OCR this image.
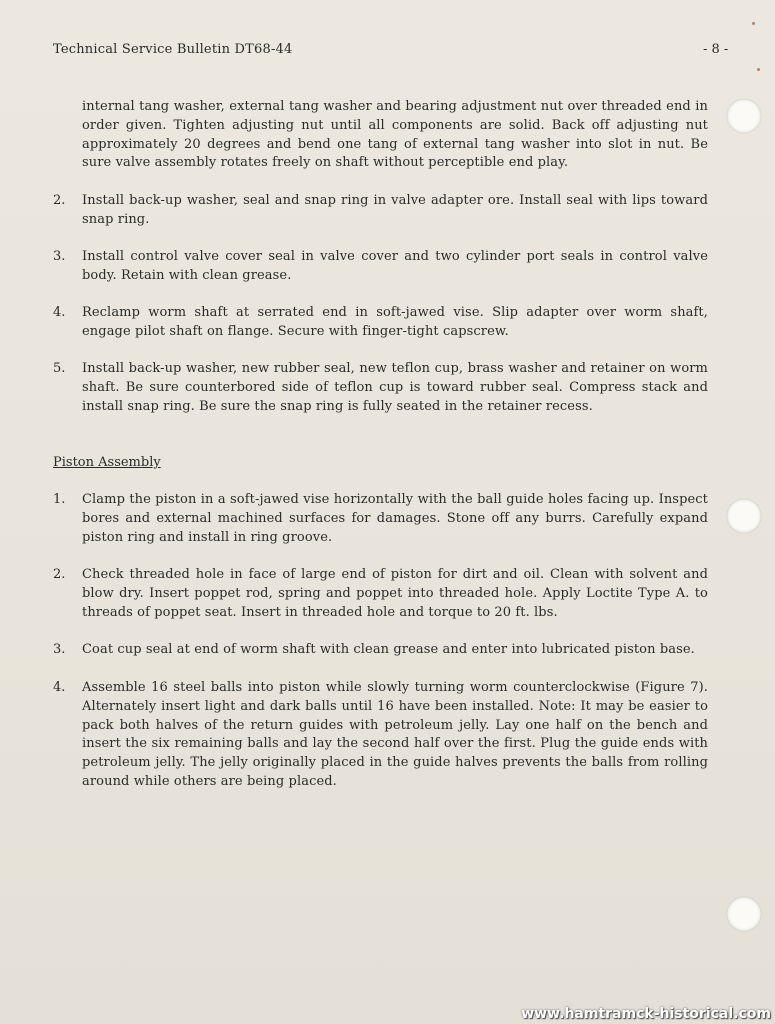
Technical Service Bulletin DT68-44	- 8 -
internal tang washer, external tang washer and bearing adjustment nut over threaded end in order given. Tighten adjusting nut until all components are solid. Back off adjusting nut approximately 20 degrees and bend one tang of external tang washer into slot in nut. Be sure valve assembly rotates freely on shaft without perceptible end play.
2. Install back-up washer, seal and snap ring in valve adapter ore. Install seal with lips toward snap ring.
3. Install control valve cover seal in valve cover and two cylinder port seals in control valve body. Retain with clean grease.
4. Reclamp worm shaft at serrated end in soft-jawed vise. Slip adapter over worm shaft, engage pilot shaft on flange. Secure with finger-tight capscrew.
5. Install back-up washer, new rubber seal, new teflon cup, brass washer and retainer on worm shaft. Be sure counterbored side of teflon cup is toward rubber seal. Compress stack and install snap ring. Be sure the snap ring is fully seated in the retainer recess.
Piston Assembly
1. Clamp the piston in a soft-jawed vise horizontally with the ball guide holes facing up. Inspect bores and external machined surfaces for damages. Stone off any burrs. Carefully expand piston ring and install in ring groove.
2. Check threaded hole in face of large end of piston for dirt and oil. Clean with solvent and blow dry. Insert poppet rod, spring and poppet into threaded hole. Apply Loctite Type A. to threads of poppet seat. Insert in threaded hole and torque to 20 ft. lbs.
3. Coat cup seal at end of worm shaft with clean grease and enter into lubricated piston base.
4. Assemble 16 steel balls into piston while slowly turning worm counterclockwise (Figure 7). Alternately insert light and dark balls until 16 have been installed. Note: It may be easier to pack both halves of the return guides with petroleum jelly. Lay one half on the bench and insert the six remaining balls and lay the second half over the first. Plug the guide ends with petroleum jelly. The jelly originally placed in the guide halves prevents the balls from rolling around while others are being placed.
www.hamtramck-historical.com
